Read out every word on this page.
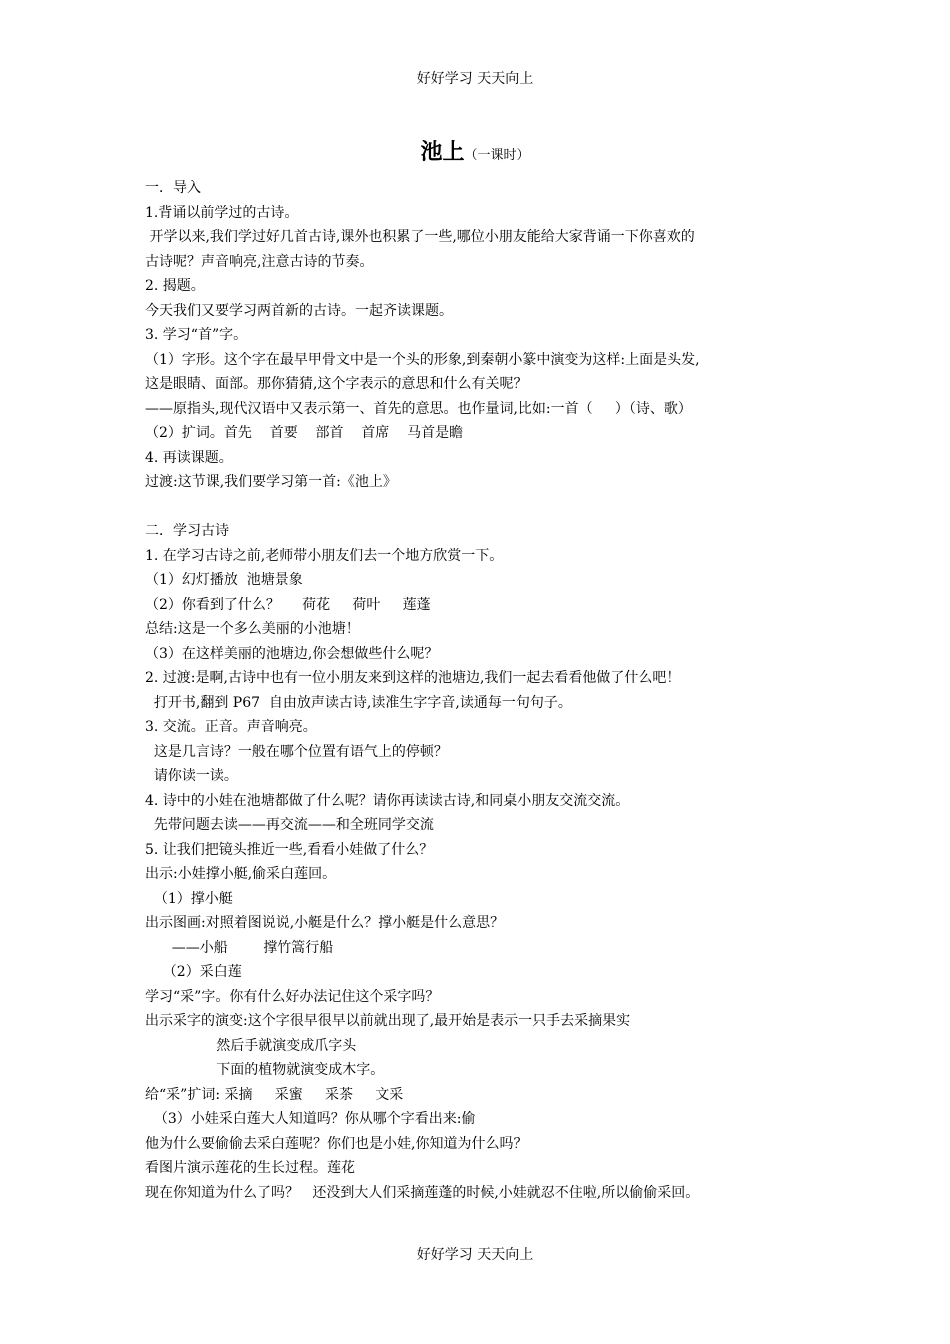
好好学习 天天向上
池上（一课时）
一．导入
1.背诵以前学过的古诗。
开学以来,我们学过好几首古诗,课外也积累了一些,哪位小朋友能给大家背诵一下你喜欢的
古诗呢？声音响亮,注意古诗的节奏。
2. 揭题。
今天我们又要学习两首新的古诗。一起齐读课题。
3. 学习“首”字。
（1）字形。这个字在最早甲骨文中是一个头的形象,到秦朝小篆中演变为这样:上面是头发,
这是眼睛、面部。那你猜猜,这个字表示的意思和什么有关呢？
——原指头,现代汉语中又表示第一、首先的意思。也作量词,比如:一首（     ）（诗、歌）
（2）扩词。首先    首要    部首    首席    马首是瞻
4. 再读课题。
过渡:这节课,我们要学习第一首:《池上》
二．学习古诗
1. 在学习古诗之前,老师带小朋友们去一个地方欣赏一下。
（1）幻灯播放  池塘景象
（2）你看到了什么？     荷花     荷叶     莲蓬
总结:这是一个多么美丽的小池塘！
（3）在这样美丽的池塘边,你会想做些什么呢？
2. 过渡:是啊,古诗中也有一位小朋友来到这样的池塘边,我们一起去看看他做了什么吧！
打开书,翻到 P67  自由放声读古诗,读准生字字音,读通每一句句子。
3. 交流。正音。声音响亮。
这是几言诗？一般在哪个位置有语气上的停顿？
请你读一读。
4. 诗中的小娃在池塘都做了什么呢？请你再读读古诗,和同桌小朋友交流交流。
先带问题去读——再交流——和全班同学交流
5. 让我们把镜头推近一些,看看小娃做了什么？
出示:小娃撑小艇,偷采白莲回。
（1）撑小艇
出示图画:对照着图说说,小艇是什么？撑小艇是什么意思？
——小船        撑竹篙行船
（2）采白莲
学习“采”字。你有什么好办法记住这个采字吗？
出示采字的演变:这个字很早很早以前就出现了,最开始是表示一只手去采摘果实
然后手就演变成爪字头
下面的植物就演变成木字。
给“采”扩词: 采摘     采蜜     采茶     文采
（3）小娃采白莲大人知道吗？你从哪个字看出来:偷
他为什么要偷偷去采白莲呢？你们也是小娃,你知道为什么吗？
看图片演示莲花的生长过程。莲花
现在你知道为什么了吗？   还没到大人们采摘莲蓬的时候,小娃就忍不住啦,所以偷偷采回。
好好学习 天天向上
